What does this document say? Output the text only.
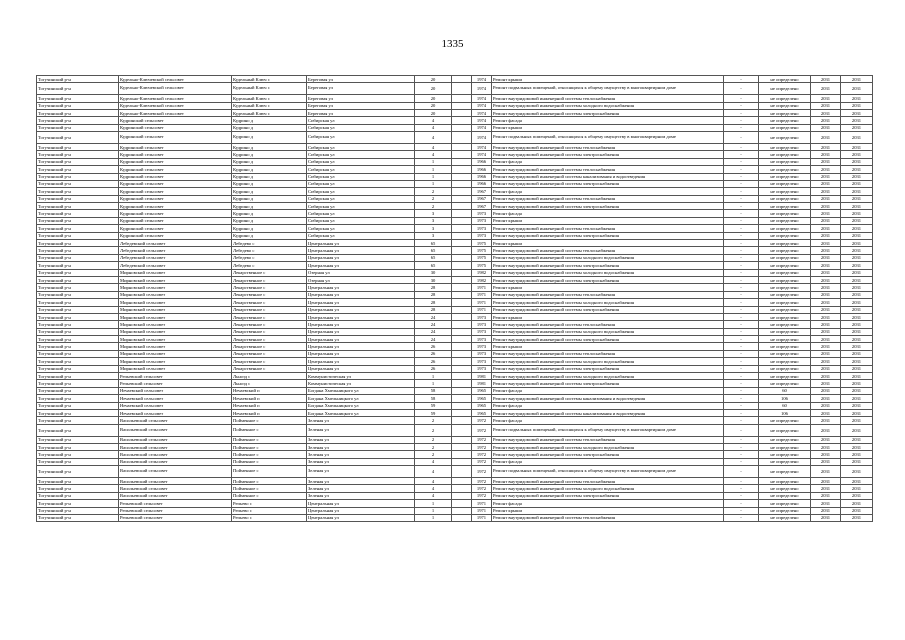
1335
Тогучинский р-н	Кудельно-Ключевской сельсовет	Кудельный Ключ с	Береговая ул	20		1974	Ремонт крыши	-	не определено	2031	2031
Тогучинский р-н	Кудельно-Ключевской сельсовет	Кудельный Ключ с	Береговая ул	20		1974	Ремонт подвальных помещений, относящихся к общему имуществу в многоквартирном доме	-	не определено	2031	2031
Тогучинский р-н	Кудельно-Ключевской сельсовет	Кудельный Ключ с	Береговая ул	20		1974	Ремонт внутридомовой инженерной системы теплоснабжения	-	не определено	2031	2031
Тогучинский р-н	Кудельно-Ключевской сельсовет	Кудельный Ключ с	Береговая ул	20		1974	Ремонт внутридомовой инженерной системы холодного водоснабжения	-	не определено	2031	2031
Тогучинский р-н	Кудельно-Ключевской сельсовет	Кудельный Ключ с	Береговая ул	20		1974	Ремонт внутридомовой инженерной системы электроснабжения	-	не определено	2031	2031
Тогучинский р-н	Кудринский сельсовет	Кудрино д	Сибирская ул	4		1974	Ремонт фасада	-	не определено	2031	2031
Тогучинский р-н	Кудринский сельсовет	Кудрино д	Сибирская ул	4		1974	Ремонт крыши	-	не определено	2031	2031
Тогучинский р-н	Кудринский сельсовет	Кудрино д	Сибирская ул	4		1974	Ремонт подвальных помещений, относящихся к общему имуществу в многоквартирном доме	-	не определено	2031	2031
Тогучинский р-н	Кудринский сельсовет	Кудрино д	Сибирская ул	4		1974	Ремонт внутридомовой инженерной системы теплоснабжения	-	не определено	2031	2031
Тогучинский р-н	Кудринский сельсовет	Кудрино д	Сибирская ул	4		1974	Ремонт внутридомовой инженерной системы электроснабжения	-	не определено	2031	2031
Тогучинский р-н	Кудринский сельсовет	Кудрино д	Сибирская ул	1		1966	Ремонт фасада	-	не определено	2031	2031
Тогучинский р-н	Кудринский сельсовет	Кудрино д	Сибирская ул	1		1966	Ремонт внутридомовой инженерной системы теплоснабжения	-	не определено	2031	2031
Тогучинский р-н	Кудринский сельсовет	Кудрино д	Сибирская ул	1		1966	Ремонт внутридомовой инженерной системы канализования и водоотведения	-	не определено	2031	2031
Тогучинский р-н	Кудринский сельсовет	Кудрино д	Сибирская ул	1		1966	Ремонт внутридомовой инженерной системы электроснабжения	-	не определено	2031	2031
Тогучинский р-н	Кудринский сельсовет	Кудрино д	Сибирская ул	2		1967	Ремонт фасада	-	не определено	2031	2031
Тогучинский р-н	Кудринский сельсовет	Кудрино д	Сибирская ул	2		1967	Ремонт внутридомовой инженерной системы теплоснабжения	-	не определено	2031	2031
Тогучинский р-н	Кудринский сельсовет	Кудрино д	Сибирская ул	2		1967	Ремонт внутридомовой инженерной системы электроснабжения	-	не определено	2031	2031
Тогучинский р-н	Кудринский сельсовет	Кудрино д	Сибирская ул	3		1973	Ремонт фасада	-	не определено	2031	2031
Тогучинский р-н	Кудринский сельсовет	Кудрино д	Сибирская ул	3		1973	Ремонт крыши	-	не определено	2031	2031
Тогучинский р-н	Кудринский сельсовет	Кудрино д	Сибирская ул	3		1973	Ремонт внутридомовой инженерной системы теплоснабжения	-	не определено	2031	2031
Тогучинский р-н	Кудринский сельсовет	Кудрино д	Сибирская ул	3		1973	Ремонт внутридомовой инженерной системы электроснабжения	-	не определено	2031	2031
Тогучинский р-н	Лебедевский сельсовет	Лебедево с	Центральная ул	65		1975	Ремонт крыши	-	не определено	2031	2031
Тогучинский р-н	Лебедевский сельсовет	Лебедево с	Центральная ул	65		1975	Ремонт внутридомовой инженерной системы теплоснабжения	-	не определено	2031	2031
Тогучинский р-н	Лебедевский сельсовет	Лебедево с	Центральная ул	65		1975	Ремонт внутридомовой инженерной системы холодного водоснабжения	-	не определено	2031	2031
Тогучинский р-н	Лебедевский сельсовет	Лебедево с	Центральная ул	65		1975	Ремонт внутридомовой инженерной системы электроснабжения	-	не определено	2031	2031
Тогучинский р-н	Мирновский сельсовет	Лекарственное с	Озерная ул	30		1982	Ремонт внутридомовой инженерной системы холодного водоснабжения	-	не определено	2031	2031
Тогучинский р-н	Мирновский сельсовет	Лекарственное с	Озерная ул	30		1982	Ремонт внутридомовой инженерной системы электроснабжения	-	не определено	2031	2031
Тогучинский р-н	Мирновский сельсовет	Лекарственное с	Центральная ул	28		1971	Ремонт крыши	-	не определено	2031	2031
Тогучинский р-н	Мирновский сельсовет	Лекарственное с	Центральная ул	28		1971	Ремонт внутридомовой инженерной системы теплоснабжения	-	не определено	2031	2031
Тогучинский р-н	Мирновский сельсовет	Лекарственное с	Центральная ул	28		1971	Ремонт внутридомовой инженерной системы холодного водоснабжения	-	не определено	2031	2031
Тогучинский р-н	Мирновский сельсовет	Лекарственное с	Центральная ул	28		1971	Ремонт внутридомовой инженерной системы электроснабжения	-	не определено	2031	2031
Тогучинский р-н	Мирновский сельсовет	Лекарственное с	Центральная ул	24		1973	Ремонт крыши	-	не определено	2031	2031
Тогучинский р-н	Мирновский сельсовет	Лекарственное с	Центральная ул	24		1973	Ремонт внутридомовой инженерной системы теплоснабжения	-	не определено	2031	2031
Тогучинский р-н	Мирновский сельсовет	Лекарственное с	Центральная ул	24		1973	Ремонт внутридомовой инженерной системы холодного водоснабжения	-	не определено	2031	2031
Тогучинский р-н	Мирновский сельсовет	Лекарственное с	Центральная ул	24		1973	Ремонт внутридомовой инженерной системы электроснабжения	-	не определено	2031	2031
Тогучинский р-н	Мирновский сельсовет	Лекарственное с	Центральная ул	26		1973	Ремонт крыши	-	не определено	2031	2031
Тогучинский р-н	Мирновский сельсовет	Лекарственное с	Центральная ул	26		1973	Ремонт внутридомовой инженерной системы теплоснабжения	-	не определено	2031	2031
Тогучинский р-н	Мирновский сельсовет	Лекарственное с	Центральная ул	26		1973	Ремонт внутридомовой инженерной системы холодного водоснабжения	-	не определено	2031	2031
Тогучинский р-н	Мирновский сельсовет	Лекарственное с	Центральная ул	26		1973	Ремонт внутридомовой инженерной системы электроснабжения	-	не определено	2031	2031
Тогучинский р-н	Репьевский сельсовет	Льнозд с	Коммунистическая ул	1		1981	Ремонт внутридомовой инженерной системы холодного водоснабжения	-	не определено	2031	2031
Тогучинский р-н	Репьевский сельсовет	Льнозд с	Коммунистическая ул	1		1981	Ремонт внутридомовой инженерной системы электроснабжения	-	не определено	2031	2031
Тогучинский р-н	Нечаевский сельсовет	Нечаевский п	Богдана Хмельницкого ул	58		1965	Ремонт фасада	-	60	2031	2031
Тогучинский р-н	Нечаевский сельсовет	Нечаевский п	Богдана Хмельницкого ул	58		1965	Ремонт внутридомовой инженерной системы канализования и водоотведения	-	106	2031	2031
Тогучинский р-н	Нечаевский сельсовет	Нечаевский п	Богдана Хмельницкого ул	59		1965	Ремонт фасада	-	60	2031	2031
Тогучинский р-н	Нечаевский сельсовет	Нечаевский п	Богдана Хмельницкого ул	59		1965	Ремонт внутридомовой инженерной системы канализования и водоотведения	-	106	2031	2031
Тогучинский р-н	Васильевский сельсовет	Пойменное с	Зеленая ул	2		1972	Ремонт фасада	-	не определено	2031	2031
Тогучинский р-н	Васильевский сельсовет	Пойменное с	Зеленая ул	2		1972	Ремонт подвальных помещений, относящихся к общему имуществу в многоквартирном доме	-	не определено	2031	2031
Тогучинский р-н	Васильевский сельсовет	Пойменное с	Зеленая ул	2		1972	Ремонт внутридомовой инженерной системы теплоснабжения	-	не определено	2031	2031
Тогучинский р-н	Васильевский сельсовет	Пойменное с	Зеленая ул	2		1972	Ремонт внутридомовой инженерной системы холодного водоснабжения	-	не определено	2031	2031
Тогучинский р-н	Васильевский сельсовет	Пойменное с	Зеленая ул	2		1972	Ремонт внутридомовой инженерной системы электроснабжения	-	не определено	2031	2031
Тогучинский р-н	Васильевский сельсовет	Пойменное с	Зеленая ул	4		1972	Ремонт фасада	-	не определено	2031	2031
Тогучинский р-н	Васильевский сельсовет	Пойменное с	Зеленая ул	4		1972	Ремонт подвальных помещений, относящихся к общему имуществу в многоквартирном доме	-	не определено	2031	2031
Тогучинский р-н	Васильевский сельсовет	Пойменное с	Зеленая ул	4		1972	Ремонт внутридомовой инженерной системы теплоснабжения	-	не определено	2031	2031
Тогучинский р-н	Васильевский сельсовет	Пойменное с	Зеленая ул	4		1972	Ремонт внутридомовой инженерной системы холодного водоснабжения	-	не определено	2031	2031
Тогучинский р-н	Васильевский сельсовет	Пойменное с	Зеленая ул	4		1972	Ремонт внутридомовой инженерной системы электроснабжения	-	не определено	2031	2031
Тогучинский р-н	Репьевский сельсовет	Репьево с	Центральная ул	1		1971	Ремонт фасада	-	не определено	2031	2031
Тогучинский р-н	Репьевский сельсовет	Репьево с	Центральная ул	1		1971	Ремонт крыши	-	не определено	2031	2031
Тогучинский р-н	Репьевский сельсовет	Репьево с	Центральная ул	1		1971	Ремонт внутридомовой инженерной системы теплоснабжения	-	не определено	2031	2031
